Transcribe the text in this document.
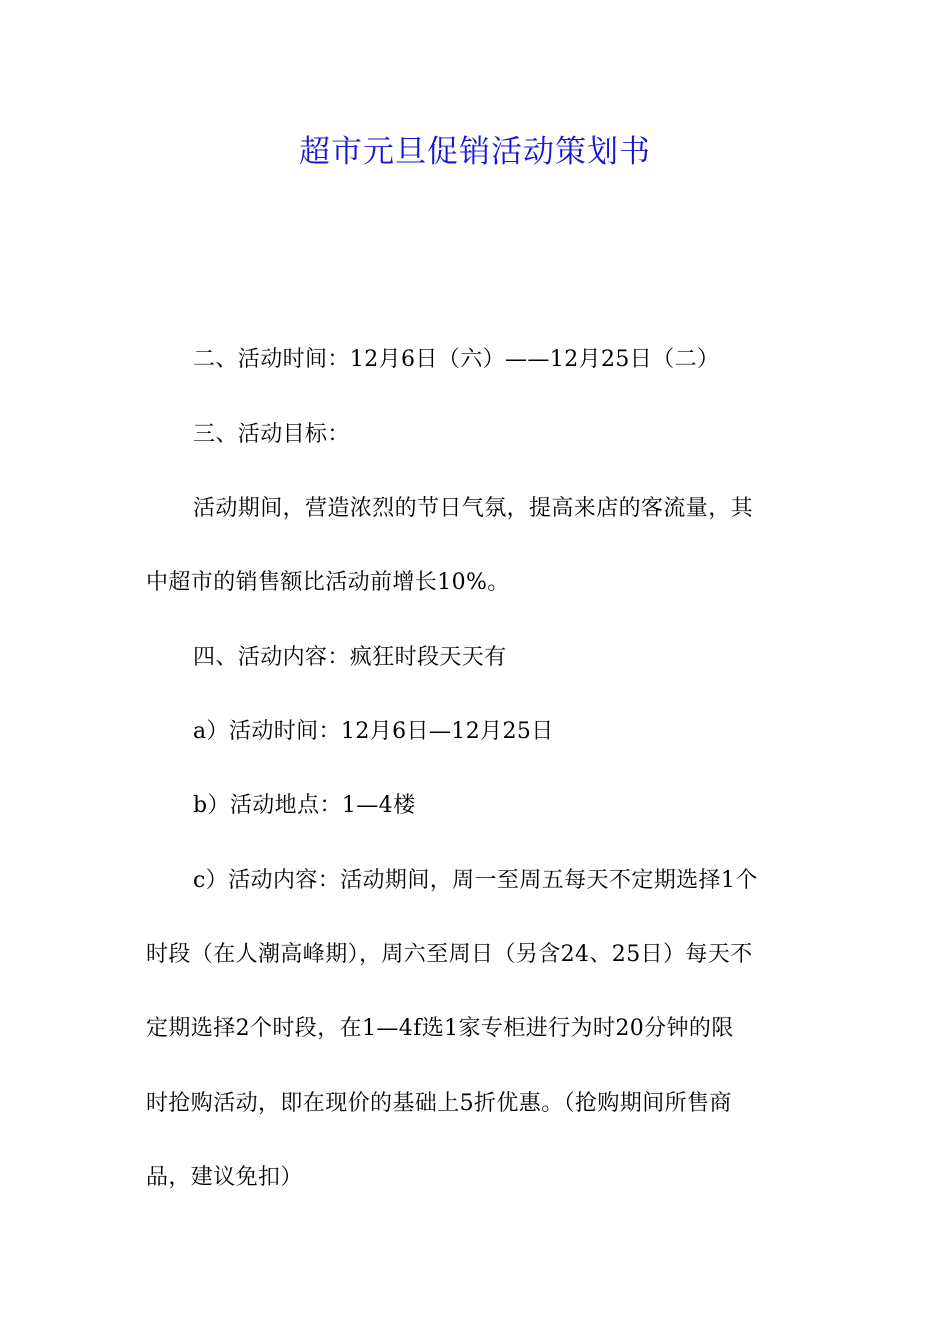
超市元旦促销活动策划书
二、活动时间：12月6日（六）——12月25日（二）
三、活动目标：
活动期间，营造浓烈的节日气氛，提高来店的客流量，其
中超市的销售额比活动前增长10%。
四、活动内容：疯狂时段天天有
a）活动时间：12月6日—12月25日
b）活动地点：1—4楼
c）活动内容：活动期间，周一至周五每天不定期选择1个
时段（在人潮高峰期），周六至周日（另含24、25日）每天不
定期选择2个时段，在1—4f选1家专柜进行为时20分钟的限
时抢购活动，即在现价的基础上5折优惠。（抢购期间所售商
品，建议免扣）
